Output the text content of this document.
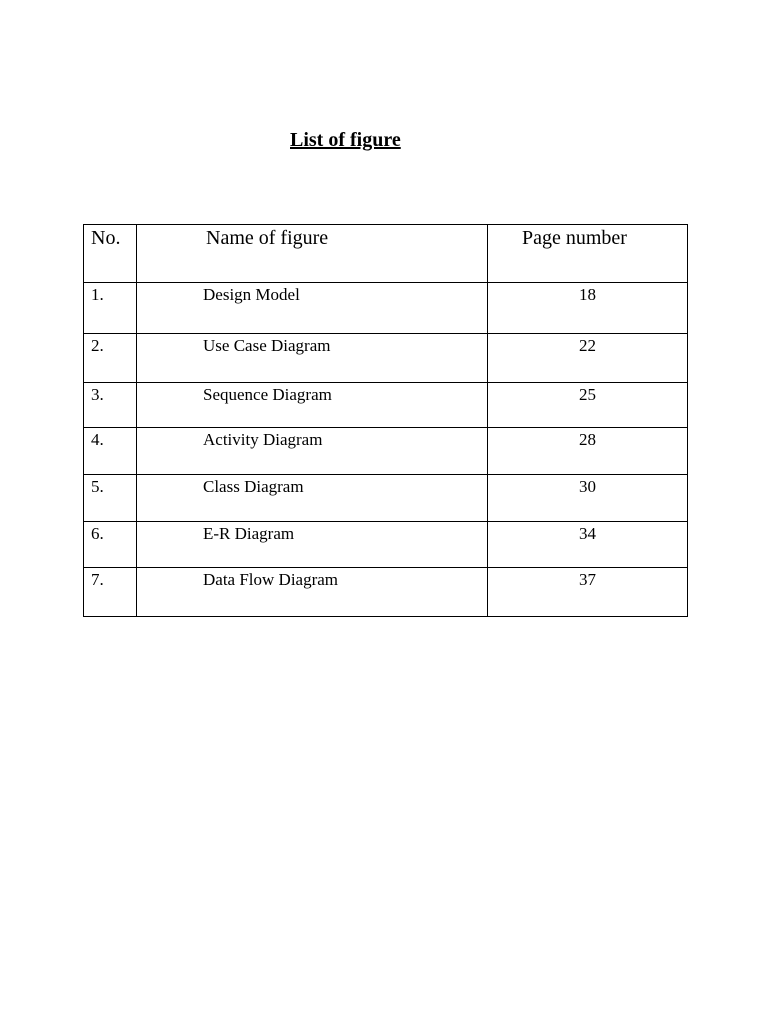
List of figure
No.	Name of figure	Page number
1.	Design Model	18
2.	Use Case Diagram	22
3.	Sequence Diagram	25
4.	Activity Diagram	28
5.	Class Diagram	30
6.	E-R Diagram	34
7.	Data Flow Diagram	37
